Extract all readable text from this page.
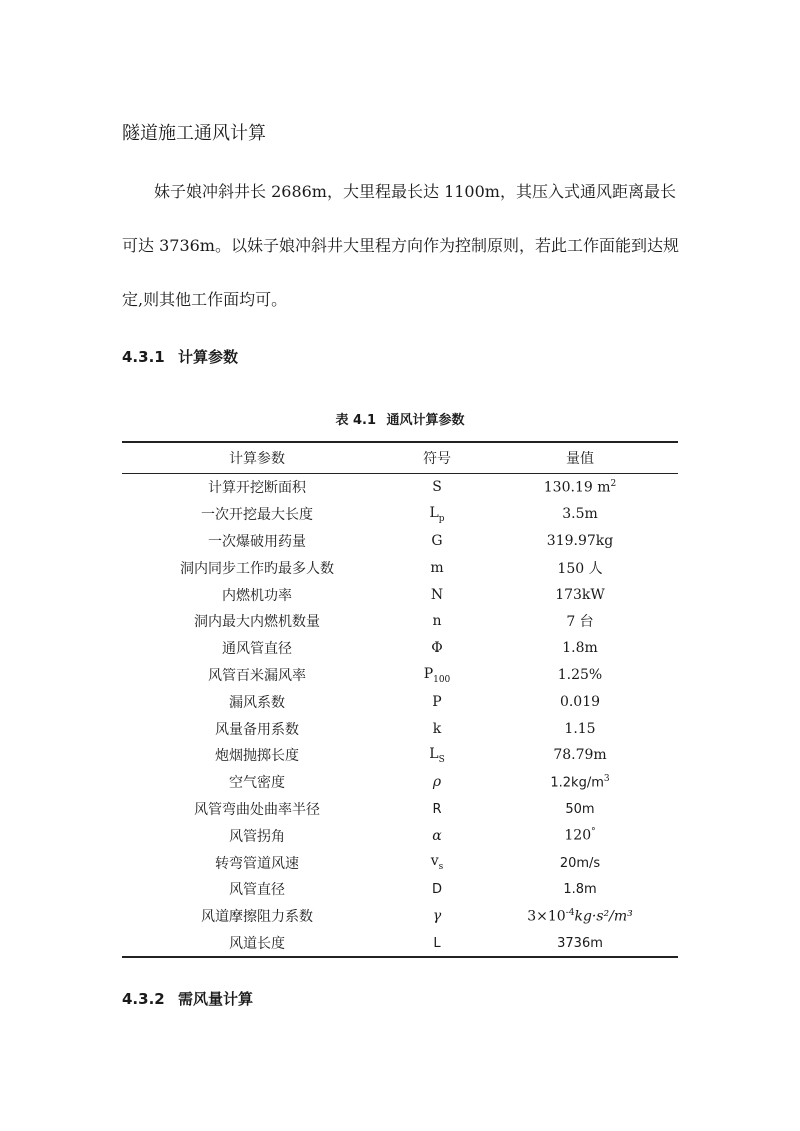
隧道施工通风计算

妹子娘冲斜井长 2686m，大里程最长达 1100m，其压入式通风距离最长可达 3736m。以妹子娘冲斜井大里程方向作为控制原则，若此工作面能到达规定,则其他工作面均可。

4.3.1 计算参数
表 4.1 通风计算参数
计算参数	符号	量值
计算开挖断面积	S	130.19 $m^2$
一次开挖最大长度	$L_p$	3.5m
一次爆破用药量	G	319.97kg
洞内同步工作旳最多人数	m	150 人
内燃机功率	N	173kW
洞内最大内燃机数量	n	7 台
通风管直径	Φ	1.8m
风管百米漏风率	$P_{100}$	1.25%
漏风系数	P	0.019
风量备用系数	k	1.15
炮烟抛掷长度	$L_S$	78.79m
空气密度	ρ	$1.2kg/m^3$
风管弯曲处曲率半径	R	50m
风管拐角	α	120°
转弯管道风速	$v_s$	20m/s
风管直径	D	1.8m
风道摩擦阻力系数	γ	$3\times 10^{-4}kg\cdot s^2/m^3$
风道长度	L	3736m
4.3.2 需风量计算
